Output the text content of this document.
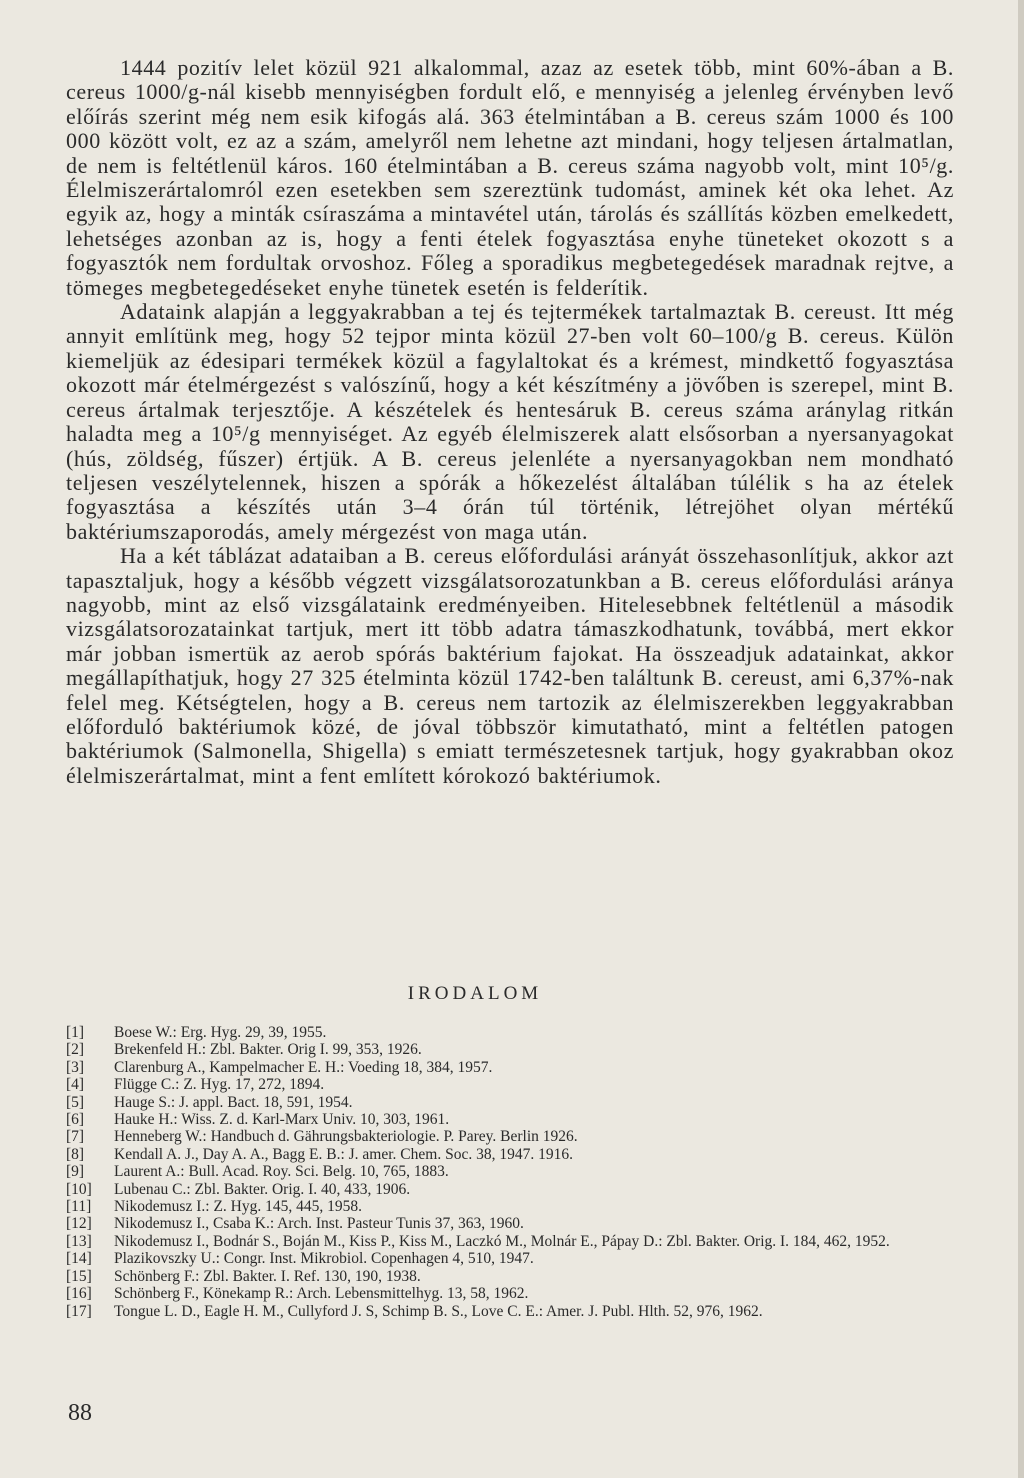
1444 pozitív lelet közül 921 alkalommal, azaz az esetek több, mint 60%-ában a B. cereus 1000/g-nál kisebb mennyiségben fordult elő, e mennyiség a jelenleg érvényben levő előírás szerint még nem esik kifogás alá. 363 ételmintában a B. cereus szám 1000 és 100 000 között volt, ez az a szám, amelyről nem lehetne azt mindani, hogy teljesen ártalmatlan, de nem is feltétlenül káros. 160 ételmintában a B. cereus száma nagyobb volt, mint 10⁵/g. Élelmiszerártalomról ezen esetekben sem szereztünk tudomást, aminek két oka lehet. Az egyik az, hogy a minták csíraszáma a mintavétel után, tárolás és szállítás közben emelkedett, lehetséges azonban az is, hogy a fenti ételek fogyasztása enyhe tüneteket okozott s a fogyasztók nem fordultak orvoshoz. Főleg a sporadikus megbetegedések maradnak rejtve, a tömeges megbetegedéseket enyhe tünetek esetén is felderítik.

Adataink alapján a leggyakrabban a tej és tejtermékek tartalmaztak B. cereust. Itt még annyit említünk meg, hogy 52 tejpor minta közül 27-ben volt 60–100/g B. cereus. Külön kiemeljük az édesipari termékek közül a fagylaltokat és a krémest, mindkettő fogyasztása okozott már ételmérgezést s valószínű, hogy a két készítmény a jövőben is szerepel, mint B. cereus ártalmak terjesztője. A készételek és hentesáruk B. cereus száma aránylag ritkán haladta meg a 10⁵/g mennyiséget. Az egyéb élelmiszerek alatt elsősorban a nyersanyagokat (hús, zöldség, fűszer) értjük. A B. cereus jelenléte a nyersanyagokban nem mondható teljesen veszélytelennek, hiszen a spórák a hőkezelést általában túlélik s ha az ételek fogyasztása a készítés után 3–4 órán túl történik, létrejöhet olyan mértékű baktériumszaporodás, amely mérgezést von maga után.

Ha a két táblázat adataiban a B. cereus előfordulási arányát összehasonlítjuk, akkor azt tapasztaljuk, hogy a később végzett vizsgálatsorozatunkban a B. cereus előfordulási aránya nagyobb, mint az első vizsgálataink eredményeiben. Hitelesebbnek feltétlenül a második vizsgálatsorozatainkat tartjuk, mert itt több adatra támaszkodhatunk, továbbá, mert ekkor már jobban ismertük az aerob spórás baktérium fajokat. Ha összeadjuk adatainkat, akkor megállapíthatjuk, hogy 27 325 ételminta közül 1742-ben találtunk B. cereust, ami 6,37%-nak felel meg. Kétségtelen, hogy a B. cereus nem tartozik az élelmiszerekben leggyakrabban előforduló baktériumok közé, de jóval többször kimutatható, mint a feltétlen patogen baktériumok (Salmonella, Shigella) s emiatt természetesnek tartjuk, hogy gyakrabban okoz élelmiszerártalmat, mint a fent említett kórokozó baktériumok.

IRODALOM
[1]	Boese W.: Erg. Hyg. 29, 39, 1955.
[2]	Brekenfeld H.: Zbl. Bakter. Orig I. 99, 353, 1926.
[3]	Clarenburg A., Kampelmacher E. H.: Voeding 18, 384, 1957.
[4]	Flügge C.: Z. Hyg. 17, 272, 1894.
[5]	Hauge S.: J. appl. Bact. 18, 591, 1954.
[6]	Hauke H.: Wiss. Z. d. Karl-Marx Univ. 10, 303, 1961.
[7]	Henneberg W.: Handbuch d. Gährungsbakteriologie. P. Parey. Berlin 1926.
[8]	Kendall A. J., Day A. A., Bagg E. B.: J. amer. Chem. Soc. 38, 1947. 1916.
[9]	Laurent A.: Bull. Acad. Roy. Sci. Belg. 10, 765, 1883.
[10]	Lubenau C.: Zbl. Bakter. Orig. I. 40, 433, 1906.
[11]	Nikodemusz I.: Z. Hyg. 145, 445, 1958.
[12]	Nikodemusz I., Csaba K.: Arch. Inst. Pasteur Tunis 37, 363, 1960.
[13]	Nikodemusz I., Bodnár S., Boján M., Kiss P., Kiss M., Laczkó M., Molnár E., Pápay D.: Zbl. Bakter. Orig. I. 184, 462, 1952.
[14]	Plazikovszky U.: Congr. Inst. Mikrobiol. Copenhagen 4, 510, 1947.
[15]	Schönberg F.: Zbl. Bakter. I. Ref. 130, 190, 1938.
[16]	Schönberg F., Könekamp R.: Arch. Lebensmittelhyg. 13, 58, 1962.
[17]	Tongue L. D., Eagle H. M., Cullyford J. S, Schimp B. S., Love C. E.: Amer. J. Publ. Hlth. 52, 976, 1962.
88
